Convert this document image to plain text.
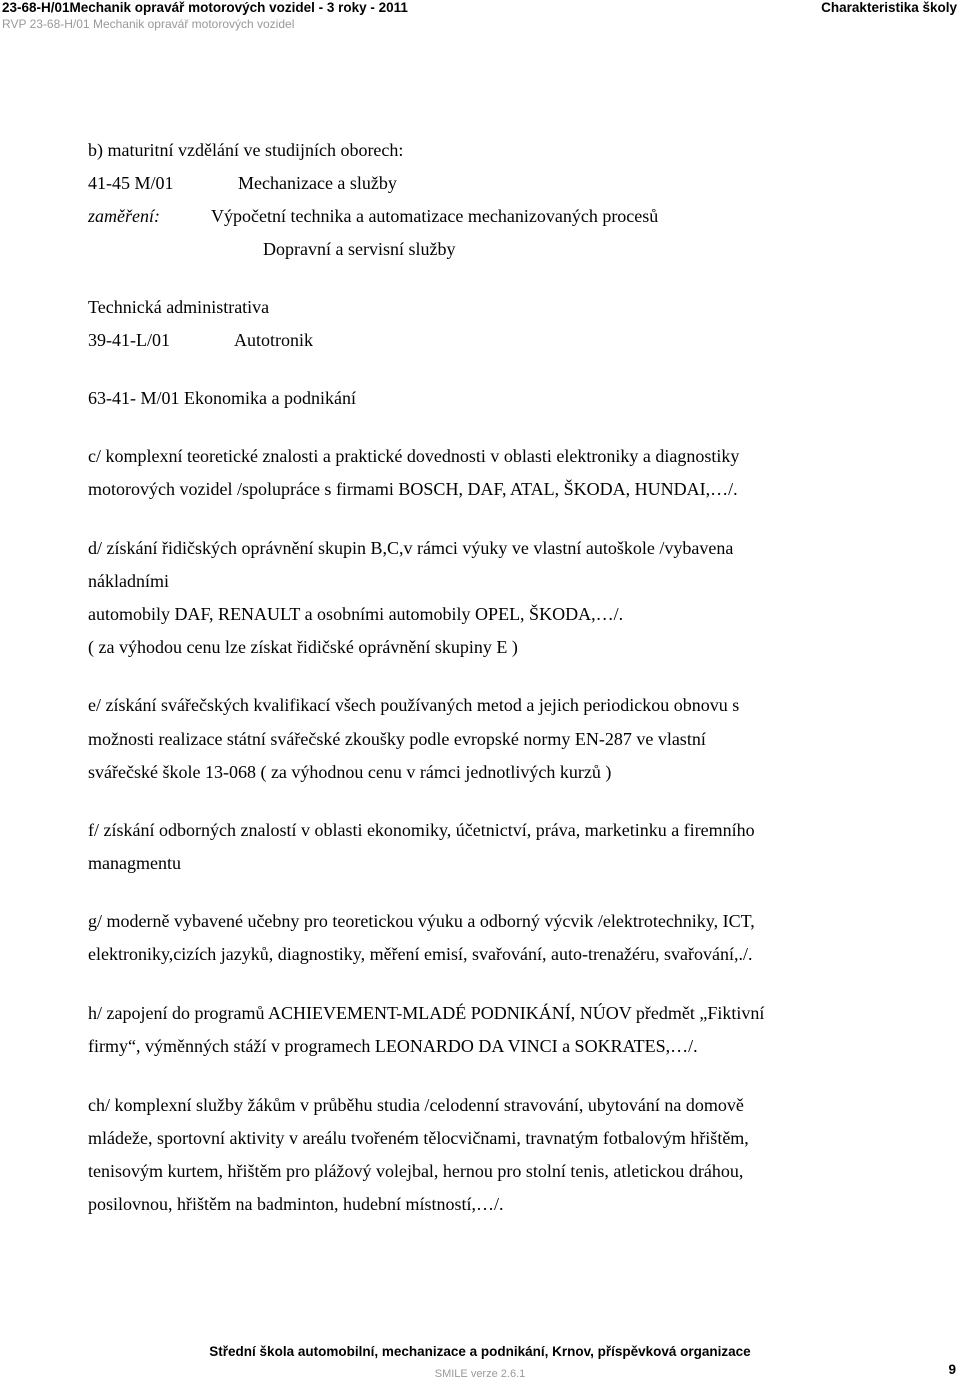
23-68-H/01Mechanik opravář motorových vozidel - 3 roky - 2011
RVP 23-68-H/01 Mechanik opravář motorových vozidel
Charakteristika školy
b) maturitní vzdělání ve studijních oborech:
41-45 M/01	Mechanizace a služby
zaměření:	Výpočetní technika a automatizace mechanizovaných procesů
Dopravní a servisní služby
Technická administrativa
39-41-L/01	Autotronik
63-41- M/01 Ekonomika a podnikání
c/ komplexní teoretické znalosti a praktické dovednosti v oblasti elektroniky a diagnostiky
motorových vozidel /spolupráce s firmami BOSCH, DAF, ATAL, ŠKODA, HUNDAI,…/.
d/ získání řidičských oprávnění skupin B,C,v rámci výuky ve vlastní autoškole /vybavena
nákladními
automobily DAF, RENAULT a osobními automobily OPEL, ŠKODA,…/.
( za výhodou cenu lze získat řidičské oprávnění skupiny E )
e/ získání svářečských kvalifikací všech používaných metod a jejich periodickou obnovu s
možnosti realizace státní svářečské zkoušky podle evropské normy EN-287 ve vlastní
svářečské škole 13-068 ( za výhodnou cenu v rámci jednotlivých kurzů )
f/ získání odborných znalostí v oblasti ekonomiky, účetnictví, práva, marketinku a firemního
managmentu
g/ moderně vybavené učebny pro teoretickou výuku a odborný výcvik /elektrotechniky, ICT,
elektroniky,cizích jazyků, diagnostiky, měření emisí, svařování, auto-trenažéru, svařování,./.
h/ zapojení do programů ACHIEVEMENT-MLADÉ PODNIKÁNÍ, NÚOV předmět „Fiktivní
firmy“, výměnných stáží v programech LEONARDO DA VINCI a SOKRATES,…/.
ch/ komplexní služby žákům v průběhu studia /celodenní stravování, ubytování na domově
mládeže, sportovní aktivity v areálu tvořeném tělocvičnami, travnatým fotbalovým hřištěm,
tenisovým kurtem, hřištěm pro plážový volejbal, hernou pro stolní tenis, atletickou dráhou,
posilovnou, hřištěm na badminton, hudební místností,…/.
Střední škola automobilní, mechanizace a podnikání, Krnov, příspěvková organizace
SMILE verze 2.6.1	9
